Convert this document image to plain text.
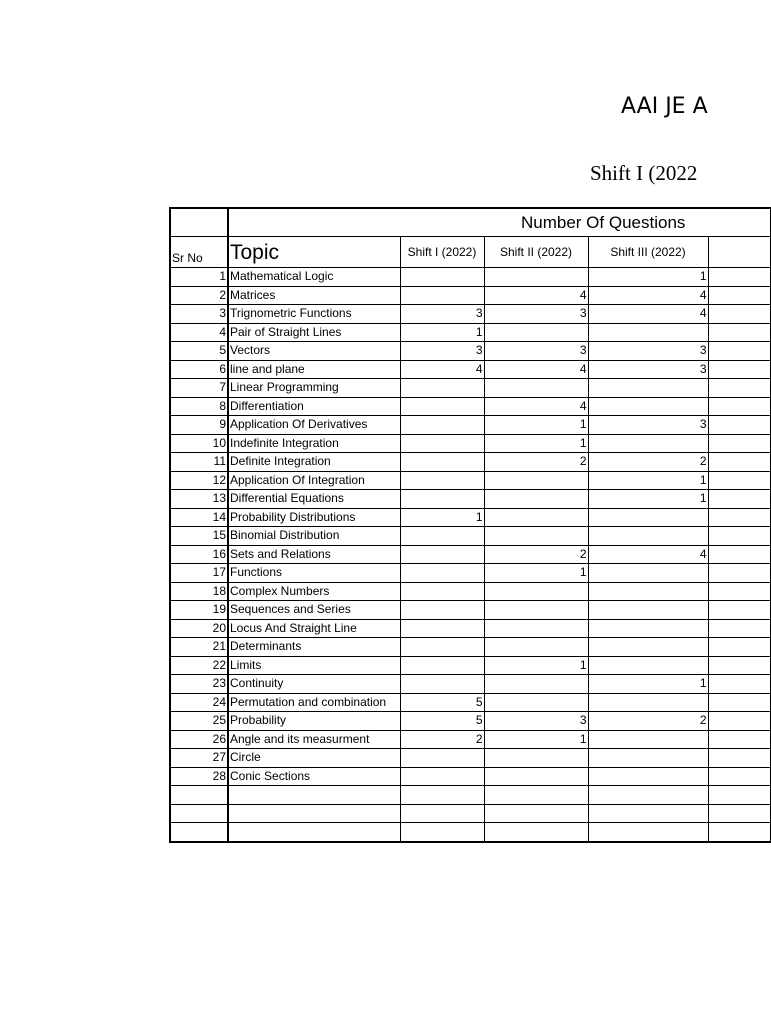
AAI JE A
Shift I (2022
	Number Of Questions				
Sr No	Topic	Shift I (2022)	Shift II (2022)	Shift III (2022)	
1	Mathematical Logic			1	
2	Matrices		4	4	
3	Trignometric Functions	3	3	4	
4	Pair of Straight Lines	1			
5	Vectors	3	3	3	
6	line and plane	4	4	3	
7	Linear Programming				
8	Differentiation		4		
9	Application Of Derivatives		1	3	
10	Indefinite Integration		1		
11	Definite Integration		2	2	
12	Application Of Integration			1	
13	Differential Equations			1	
14	Probability Distributions	1			
15	Binomial Distribution				
16	Sets and Relations		2	4	
17	Functions		1		
18	Complex Numbers				
19	Sequences and Series				
20	Locus And Straight Line				
21	Determinants				
22	Limits		1		
23	Continuity			1	
24	Permutation and combination	5			
25	Probability	5	3	2	
26	Angle and its measurment	2	1		
27	Circle				
28	Conic Sections				
